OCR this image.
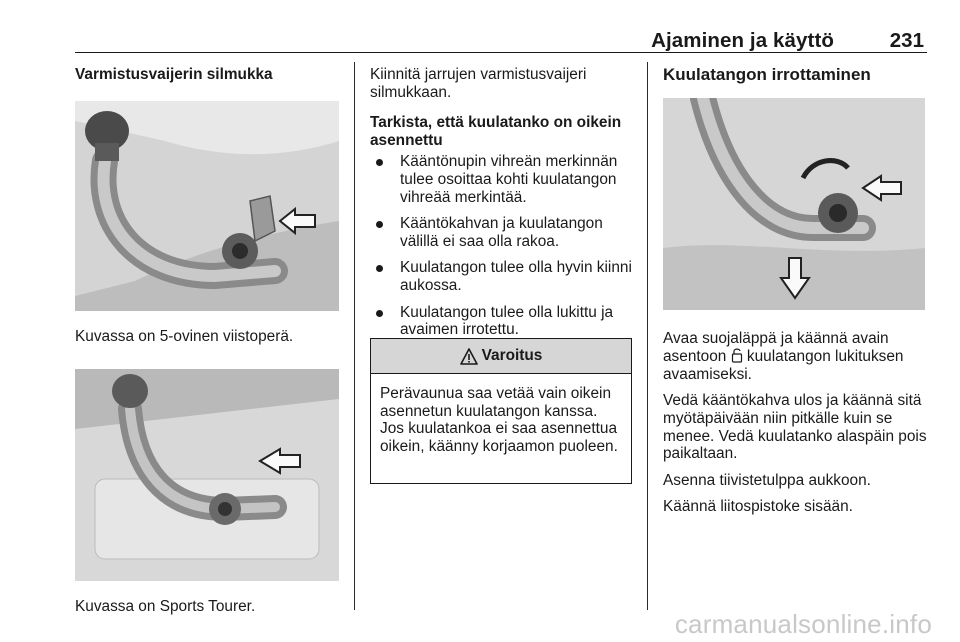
Ajaminen ja käyttö	231
Varmistusvaijerin silmukka
Kuvassa on 5-ovinen viistoperä.
Kuvassa on Sports Tourer.
Kiinnitä jarrujen varmistusvaijeri silmukkaan.
Tarkista, että kuulatanko on oikein asennettu
Kääntönupin vihreän merkinnän tulee osoittaa kohti kuulatangon vihreää merkintää.
Kääntökahvan ja kuulatangon välillä ei saa olla rakoa.
Kuulatangon tulee olla hyvin kiinni aukossa.
Kuulatangon tulee olla lukittu ja avaimen irrotettu.
Varoitus
Perävaunua saa vetää vain oikein asennetun kuulatangon kanssa. Jos kuulatankoa ei saa asennettua oikein, käänny korjaamon puoleen.
Kuulatangon irrottaminen
Avaa suojaläppä ja käännä avain asentoon kuulatangon lukituksen avaamiseksi.
Vedä kääntökahva ulos ja käännä sitä myötäpäivään niin pitkälle kuin se menee. Vedä kuulatanko alaspäin pois paikaltaan.
Asenna tiivistetulppa aukkoon.
Käännä liitospistoke sisään.
carmanualsonline.info
